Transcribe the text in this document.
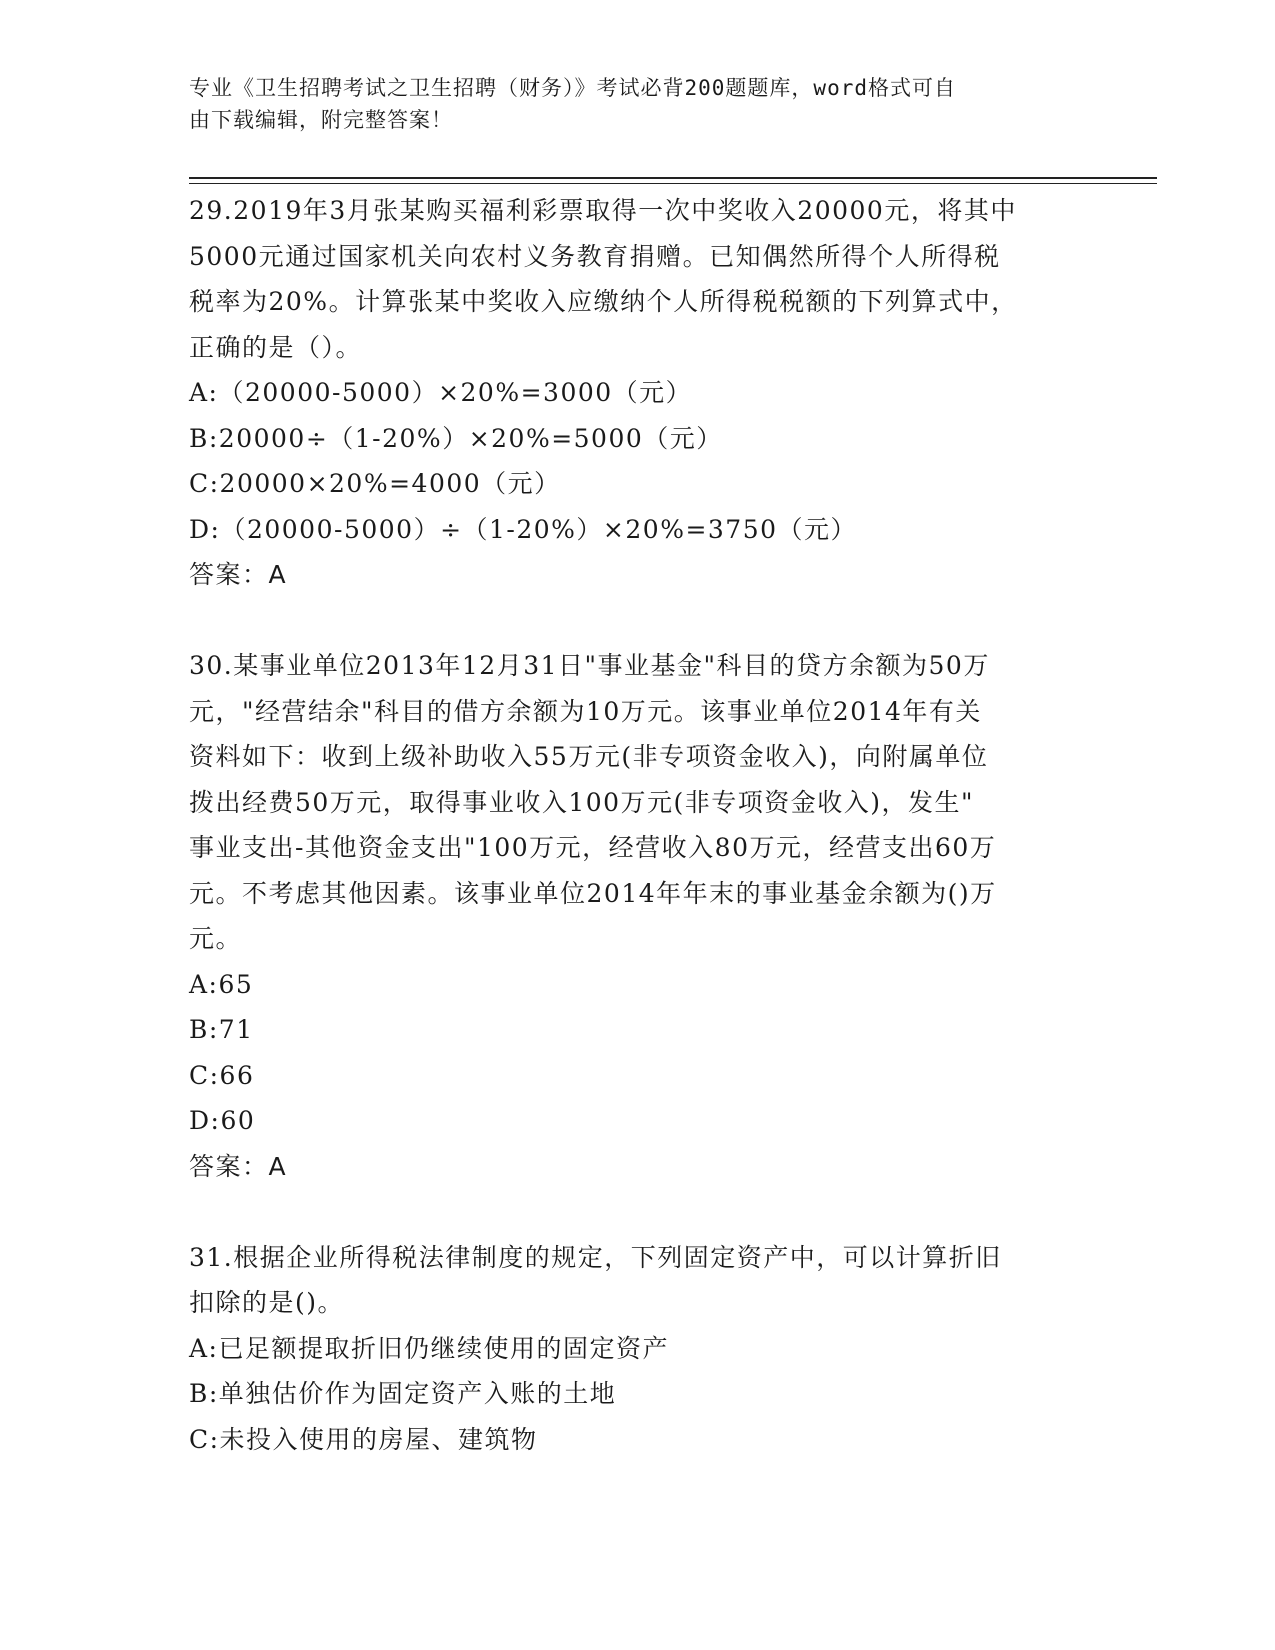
专业《卫生招聘考试之卫生招聘（财务）》考试必背200题题库，word格式可自
由下载编辑，附完整答案！
29.2019年3月张某购买福利彩票取得一次中奖收入20000元，将其中
5000元通过国家机关向农村义务教育捐赠。已知偶然所得个人所得税
税率为20%。计算张某中奖收入应缴纳个人所得税税额的下列算式中，
正确的是（）。
A:（20000-5000）×20%=3000（元）
B:20000÷（1-20%）×20%=5000（元）
C:20000×20%=4000（元）
D:（20000-5000）÷（1-20%）×20%=3750（元）
答案：A
30.某事业单位2013年12月31日"事业基金"科目的贷方余额为50万
元，"经营结余"科目的借方余额为10万元。该事业单位2014年有关
资料如下：收到上级补助收入55万元(非专项资金收入)，向附属单位
拨出经费50万元，取得事业收入100万元(非专项资金收入)，发生"
事业支出-其他资金支出"100万元，经营收入80万元，经营支出60万
元。不考虑其他因素。该事业单位2014年年末的事业基金余额为()万
元。
A:65
B:71
C:66
D:60
答案：A
31.根据企业所得税法律制度的规定，下列固定资产中，可以计算折旧
扣除的是()。
A:已足额提取折旧仍继续使用的固定资产
B:单独估价作为固定资产入账的土地
C:未投入使用的房屋、建筑物
